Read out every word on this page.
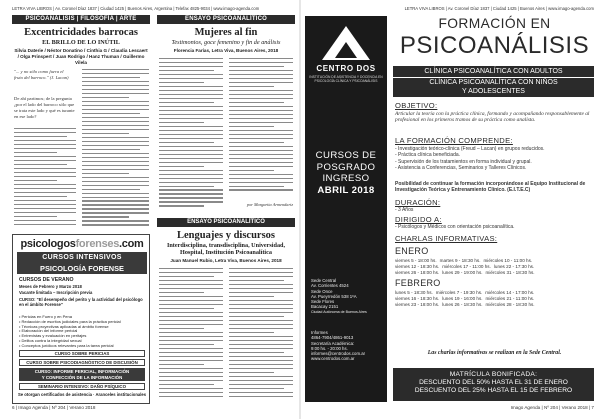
LETRA VIVA LIBROS | Av. Coronel Díaz 1837 | Ciudad 1425 | Buenos Aires, Argentina | Telefax 4825-9034 | www.imago-agenda.com
PSICOANÁLISIS | FILOSOFÍA | ARTE	ENSAYO PSICOANALÍTICO
Excentricidades barrocas
EL BRILLO DE LO INÚTIL
Silvia Daterie / Néstor Donatino / Cinthia G / Claudia Lescaert / Olga Prinspert / Juan Rodrigo / Hanz Thuman / Guillermo Vilela
"... y no sólo como fuera el fruto del barroco." (J. Lacan)
De ahí partimos; de la pregunta ¿por el lado del barroco sólo que se trata este lado y qué es turante en ese lado?
Mujeres al fin
Testimonios, goce femenino y fin de análisis
Florencia Farías, Letra Viva, Buenos Aires, 2018
por Margarita Armendariz
ENSAYO PSICOANALÍTICO
Lenguajes y discursos
Interdisciplina, transdisciplina, Universidad, Hospital, Institución Psicoanalítica
Juan Manuel Rubio, Letra Viva, Buenos Aires, 2018
psicologosforenses.com
CURSOS INTENSIVOS
PSICOLOGÍA FORENSE
CURSOS DE VERANO
Meses de Febrero y Marzo 2018
Vacante limitada – Inscripción previa
CURSO: "El desempeño del perito y la actividad del psicólogo en el ámbito Forense"
• Pericias en Fuero y en Pena
• Redacción de escritos judiciales para la práctica pericial
• Técnicas proyectivas aplicadas al ámbito forense
• Elaboración del informe pericial
• Entrevistas y evaluación en peritajes
• Delitos contra la integridad sexual
• Conceptos jurídicos relevantes para la tarea pericial
CURSO SOBRE PERICIAS
CURSO SOBRE PSICODIAGNÓSTICO DE DISCUSIÓN
CURSO: INFORME PERICIAL, INFORMACIÓN
Y CONFECCIÓN DE LA INFORMACIÓN
SEMINARIO INTENSIVO: DAÑO PSÍQUICO
Se otorgan certificados de asistencia · Aranceles institucionales
6 | Imago Agenda | Nº 204 | Verano 2018
LETRA VIVA LIBROS | Av. Coronel Díaz 1837 | Ciudad 1425 | Buenos Aires | www.imago-agenda.com
CENTRO DOS
INSTITUCIÓN DE ASISTENCIA Y DOCENCIA EN PSICOLOGÍA CLÍNICA Y PSICOANÁLISIS
CURSOS DE
POSGRADO
INGRESO
ABRIL 2018
Sede Central
Av. Corrientes 4524
Sede Once
Av. Pueyrredón 538 1ºA
Sede Flores
Bacacay 2151
Ciudad Autónoma de Buenos Aires
Informes
4864-7904/4861-9013
Secretaría Académica:
9:00 hs. - 20:00 hs.
informes@centrodos.com.ar
www.centrodos.com.ar
FORMACIÓN EN
PSICOANÁLISIS
CLÍNICA PSICOANALÍTICA CON ADULTOS
CLÍNICA PSICOANALÍTICA CON NIÑOS
Y ADOLESCENTES
OBJETIVO:
Articular la teoría con la práctica clínica, formando y acompañando responsablemente al profesional en los primeros tramos de su práctica como analista.
LA FORMACIÓN COMPRENDE:
- Investigación teórico-clínica (Freud – Lacan) en grupos reducidos.
- Práctica clínica beneficiada.
- Supervisión de los tratamientos en forma individual y grupal.
- Asistencia a Conferencias, Seminarios y Talleres Clínicos.
Posibilidad de continuar la formación incorporándose al Equipo Institucional de Investigación Teórica y Entrenamiento Clínico. (E.I.T.E.C)
DURACIÓN:
- 3 Años
DIRIGIDO A:
- Psicólogos y Médicos con orientación psicoanalítica.
CHARLAS INFORMATIVAS:
ENERO
viernes 5 - 18:00 hs. martes 9 - 18:30 hs. miércoles 10 - 11:00 hs.
viernes 12 - 18:30 hs. miércoles 17 - 11:00 hs. lunes 22 - 17:30 hs.
viernes 26 - 18:00 hs. lunes 29 - 19:00 hs. miércoles 31 - 18:30 hs.
FEBRERO
lunes 5 - 18:30 hs. miércoles 7 - 19:30 hs. miércoles 14 - 17:00 hs.
viernes 16 - 18:30 hs. lunes 19 - 16:00 hs. miércoles 21 - 11:00 hs.
viernes 23 - 18:00 hs. lunes 26 - 18:30 hs. miércoles 28 - 18:30 hs.
Las charlas informativas se realizan en la Sede Central.
MATRÍCULA BONIFICADA:
DESCUENTO DEL 50% HASTA EL 31 DE ENERO
DESCUENTO DEL 25% HASTA EL 15 DE FEBRERO
Imago Agenda | Nº 204 | Verano 2018 | 7
